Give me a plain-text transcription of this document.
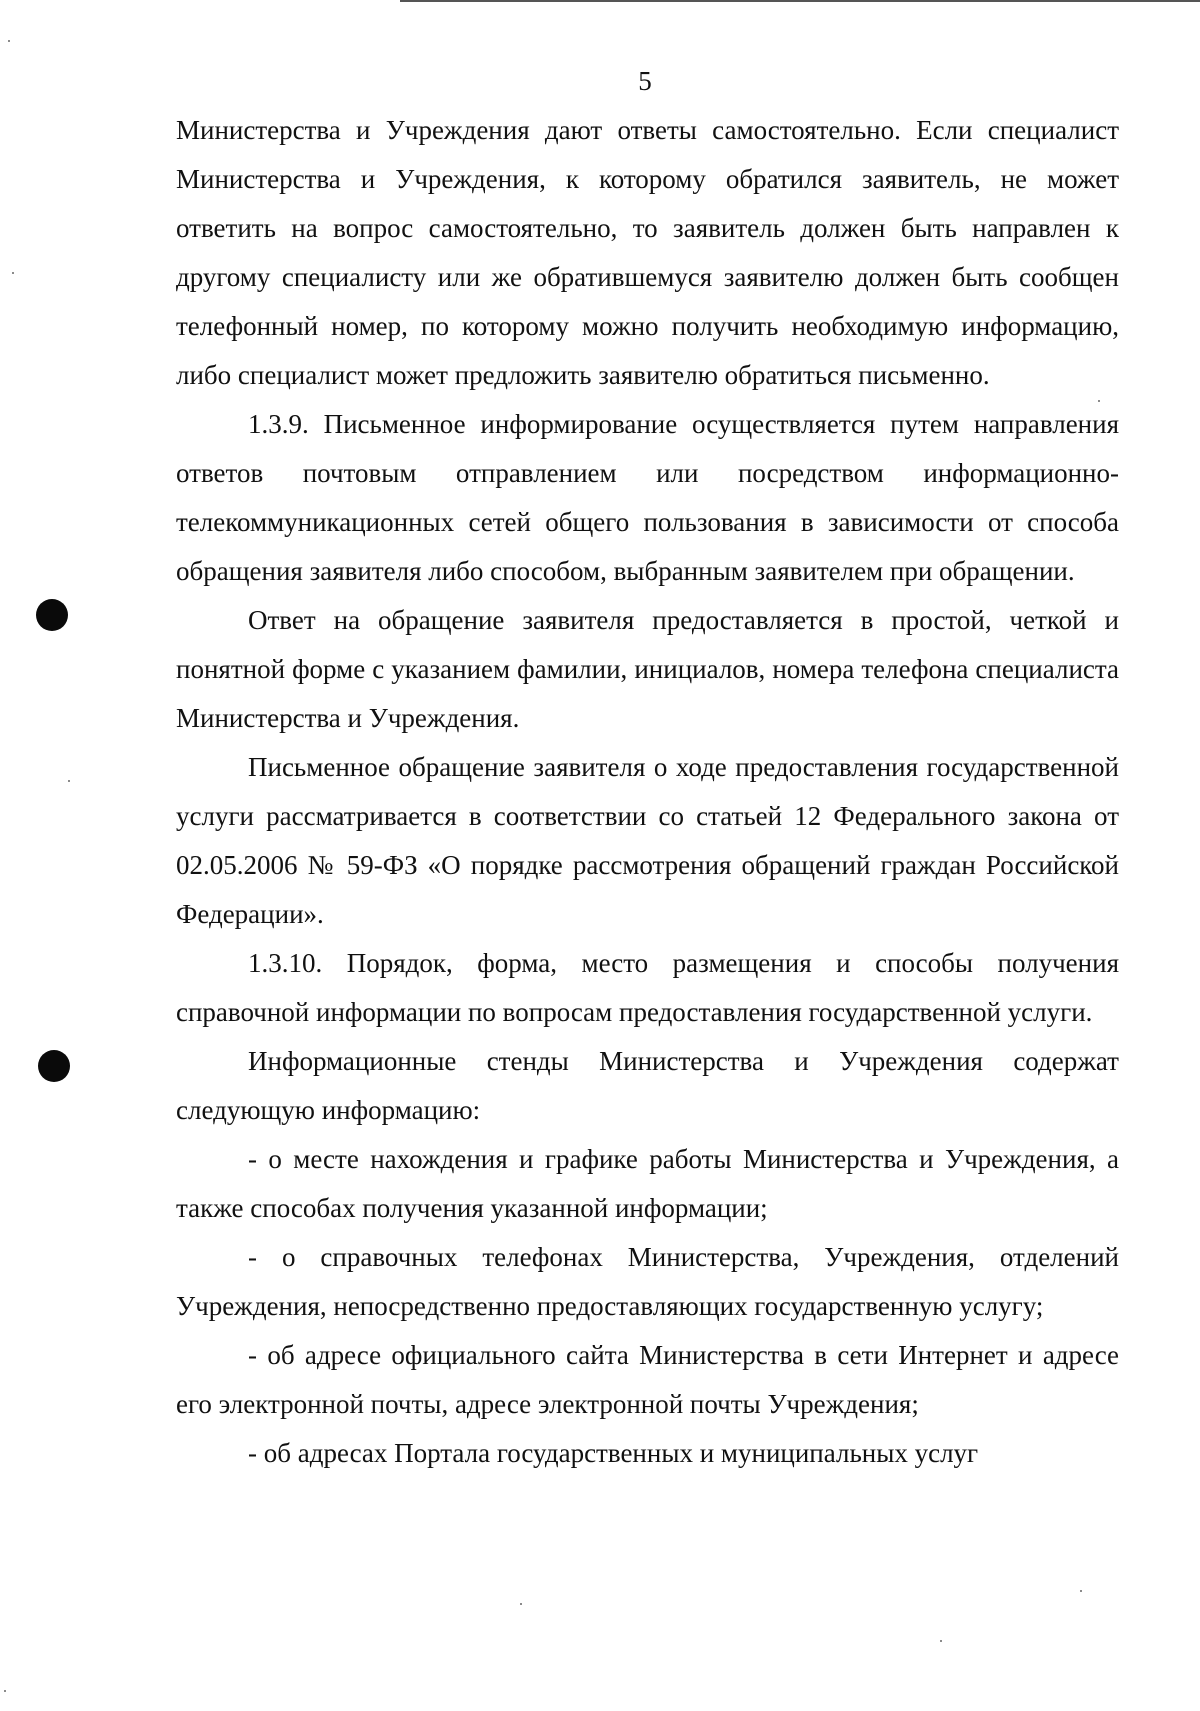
5

Министерства и Учреждения дают ответы самостоятельно. Если специалист Министерства и Учреждения, к которому обратился заявитель, не может ответить на вопрос самостоятельно, то заявитель должен быть направлен к другому специалисту или же обратившемуся заявителю должен быть сообщен телефонный номер, по которому можно получить необходимую информацию, либо специалист может предложить заявителю обратиться письменно.

1.3.9. Письменное информирование осуществляется путем направления ответов почтовым отправлением или посредством информационно-телекоммуникационных сетей общего пользования в зависимости от способа обращения заявителя либо способом, выбранным заявителем при обращении.

Ответ на обращение заявителя предоставляется в простой, четкой и понятной форме с указанием фамилии, инициалов, номера телефона специалиста Министерства и Учреждения.

Письменное обращение заявителя о ходе предоставления государственной услуги рассматривается в соответствии со статьей 12 Федерального закона от 02.05.2006 № 59-ФЗ «О порядке рассмотрения обращений граждан Российской Федерации».

1.3.10. Порядок, форма, место размещения и способы получения справочной информации по вопросам предоставления государственной услуги.

Информационные стенды Министерства и Учреждения содержат следующую информацию:

- о месте нахождения и графике работы Министерства и Учреждения, а также способах получения указанной информации;

- о справочных телефонах Министерства, Учреждения, отделений Учреждения, непосредственно предоставляющих государственную услугу;

- об адресе официального сайта Министерства в сети Интернет и адресе его электронной почты, адресе электронной почты Учреждения;

- об адресах Портала государственных и муниципальных услуг
